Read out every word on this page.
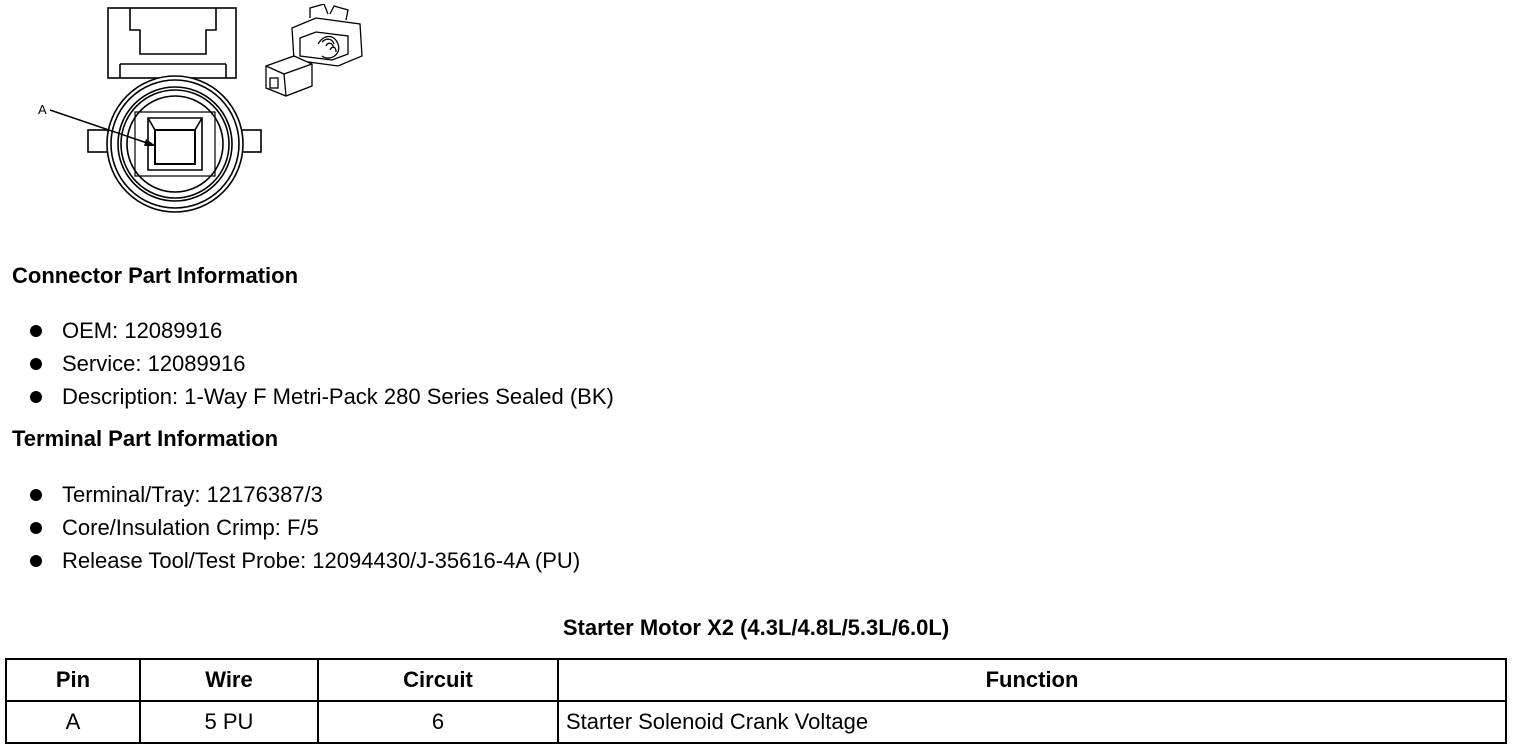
A
Connector Part Information
OEM: 12089916
Service: 12089916
Description: 1-Way F Metri-Pack 280 Series Sealed (BK)
Terminal Part Information
Terminal/Tray: 12176387/3
Core/Insulation Crimp: F/5
Release Tool/Test Probe: 12094430/J-35616-4A (PU)
Starter Motor X2 (4.3L/4.8L/5.3L/6.0L)
Pin	Wire	Circuit	Function
A	5 PU	6	Starter Solenoid Crank Voltage
